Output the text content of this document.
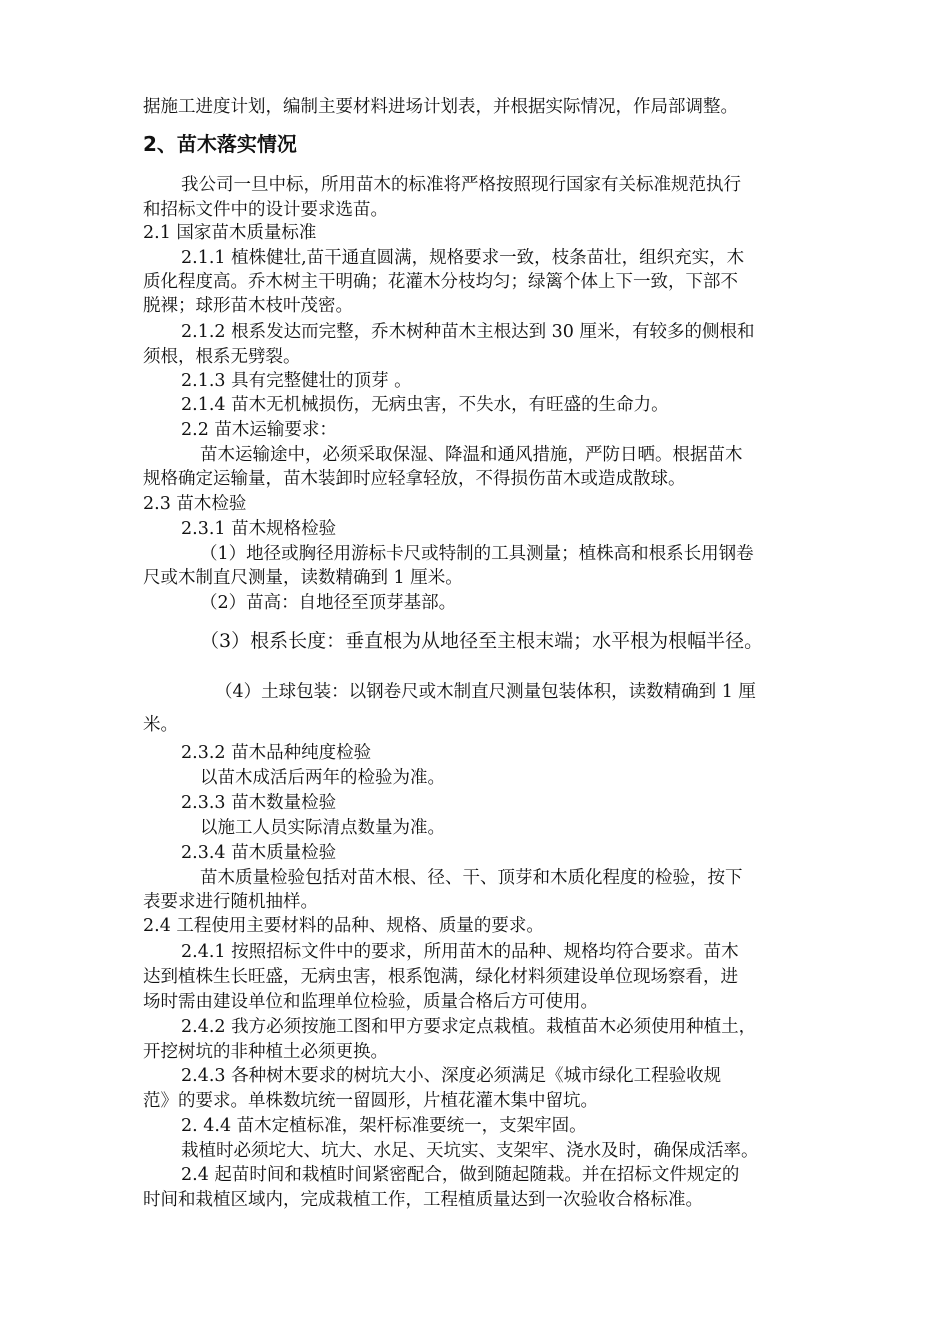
据施工进度计划，编制主要材料进场计划表，并根据实际情况，作局部调整。
2、苗木落实情况
我公司一旦中标，所用苗木的标准将严格按照现行国家有关标准规范执行
和招标文件中的设计要求选苗。
2.1 国家苗木质量标准
2.1.1 植株健壮,苗干通直圆满，规格要求一致，枝条苗壮，组织充实，木
质化程度高。乔木树主干明确；花灌木分枝均匀；绿篱个体上下一致，下部不
脱裸；球形苗木枝叶茂密。
2.1.2 根系发达而完整，乔木树种苗木主根达到 30 厘米，有较多的侧根和
须根，根系无劈裂。
2.1.3 具有完整健壮的顶芽 。
2.1.4 苗木无机械损伤，无病虫害，不失水，有旺盛的生命力。
2.2 苗木运输要求：
苗木运输途中，必须采取保湿、降温和通风措施，严防日晒。根据苗木
规格确定运输量，苗木装卸时应轻拿轻放，不得损伤苗木或造成散球。
2.3 苗木检验
2.3.1 苗木规格检验
（1）地径或胸径用游标卡尺或特制的工具测量；植株高和根系长用钢卷
尺或木制直尺测量，读数精确到 1 厘米。
（2）苗高：自地径至顶芽基部。
（3）根系长度：垂直根为从地径至主根末端；水平根为根幅半径。
（4）土球包装：以钢卷尺或木制直尺测量包装体积，读数精确到 1 厘
米。
2.3.2 苗木品种纯度检验
以苗木成活后两年的检验为准。
2.3.3 苗木数量检验
以施工人员实际清点数量为准。
2.3.4 苗木质量检验
苗木质量检验包括对苗木根、径、干、顶芽和木质化程度的检验，按下
表要求进行随机抽样。
2.4 工程使用主要材料的品种、规格、质量的要求。
2.4.1 按照招标文件中的要求，所用苗木的品种、规格均符合要求。苗木
达到植株生长旺盛，无病虫害，根系饱满，绿化材料须建设单位现场察看，进
场时需由建设单位和监理单位检验，质量合格后方可使用。
2.4.2 我方必须按施工图和甲方要求定点栽植。栽植苗木必须使用种植土，
开挖树坑的非种植土必须更换。
2.4.3 各种树木要求的树坑大小、深度必须满足《城市绿化工程验收规
范》的要求。单株数坑统一留圆形，片植花灌木集中留坑。
2. 4.4 苗木定植标准，架杆标准要统一，支架牢固。
栽植时必须坨大、坑大、水足、天坑实、支架牢、浇水及时，确保成活率。
2.4 起苗时间和栽植时间紧密配合，做到随起随栽。并在招标文件规定的
时间和栽植区域内，完成栽植工作，工程植质量达到一次验收合格标准。
